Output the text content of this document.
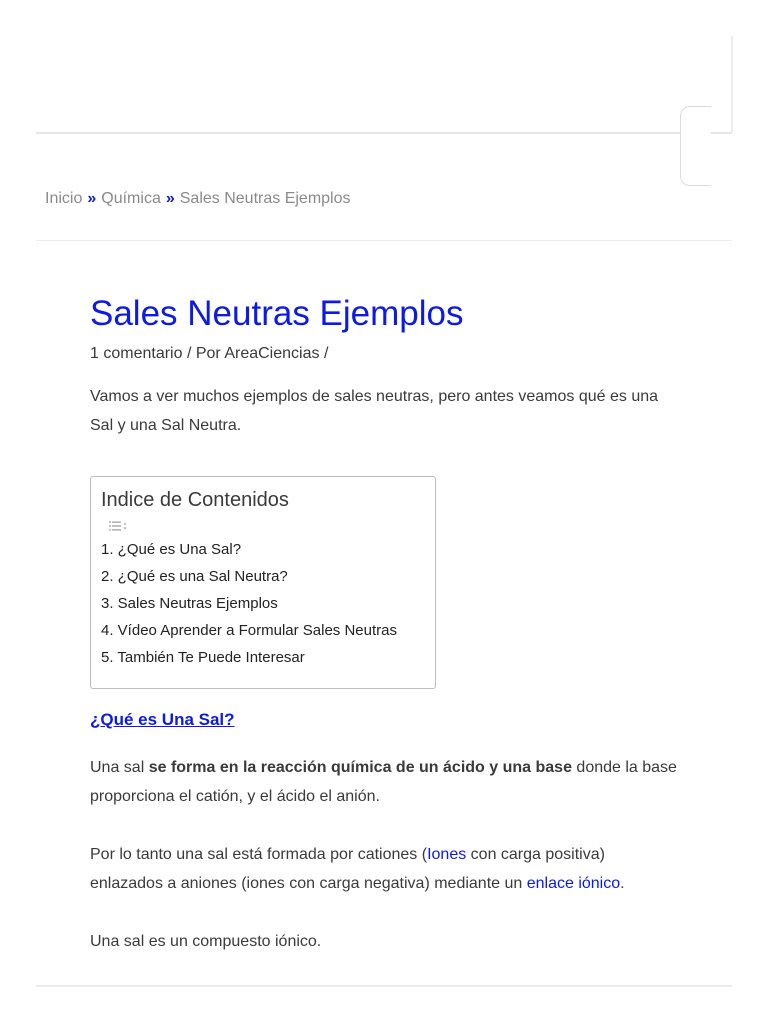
Inicio » Química » Sales Neutras Ejemplos
Sales Neutras Ejemplos
1 comentario / Por AreaCiencias /

Vamos a ver muchos ejemplos de sales neutras, pero antes veamos qué es una Sal y una Sal Neutra.

Indice de Contenidos
1. ¿Qué es Una Sal?
2. ¿Qué es una Sal Neutra?
3. Sales Neutras Ejemplos
4. Vídeo Aprender a Formular Sales Neutras
5. También Te Puede Interesar
¿Qué es Una Sal?

Una sal se forma en la reacción química de un ácido y una base donde la base proporciona el catión, y el ácido el anión.

Por lo tanto una sal está formada por cationes (Iones con carga positiva) enlazados a aniones (iones con carga negativa) mediante un enlace iónico.

Una sal es un compuesto iónico.
